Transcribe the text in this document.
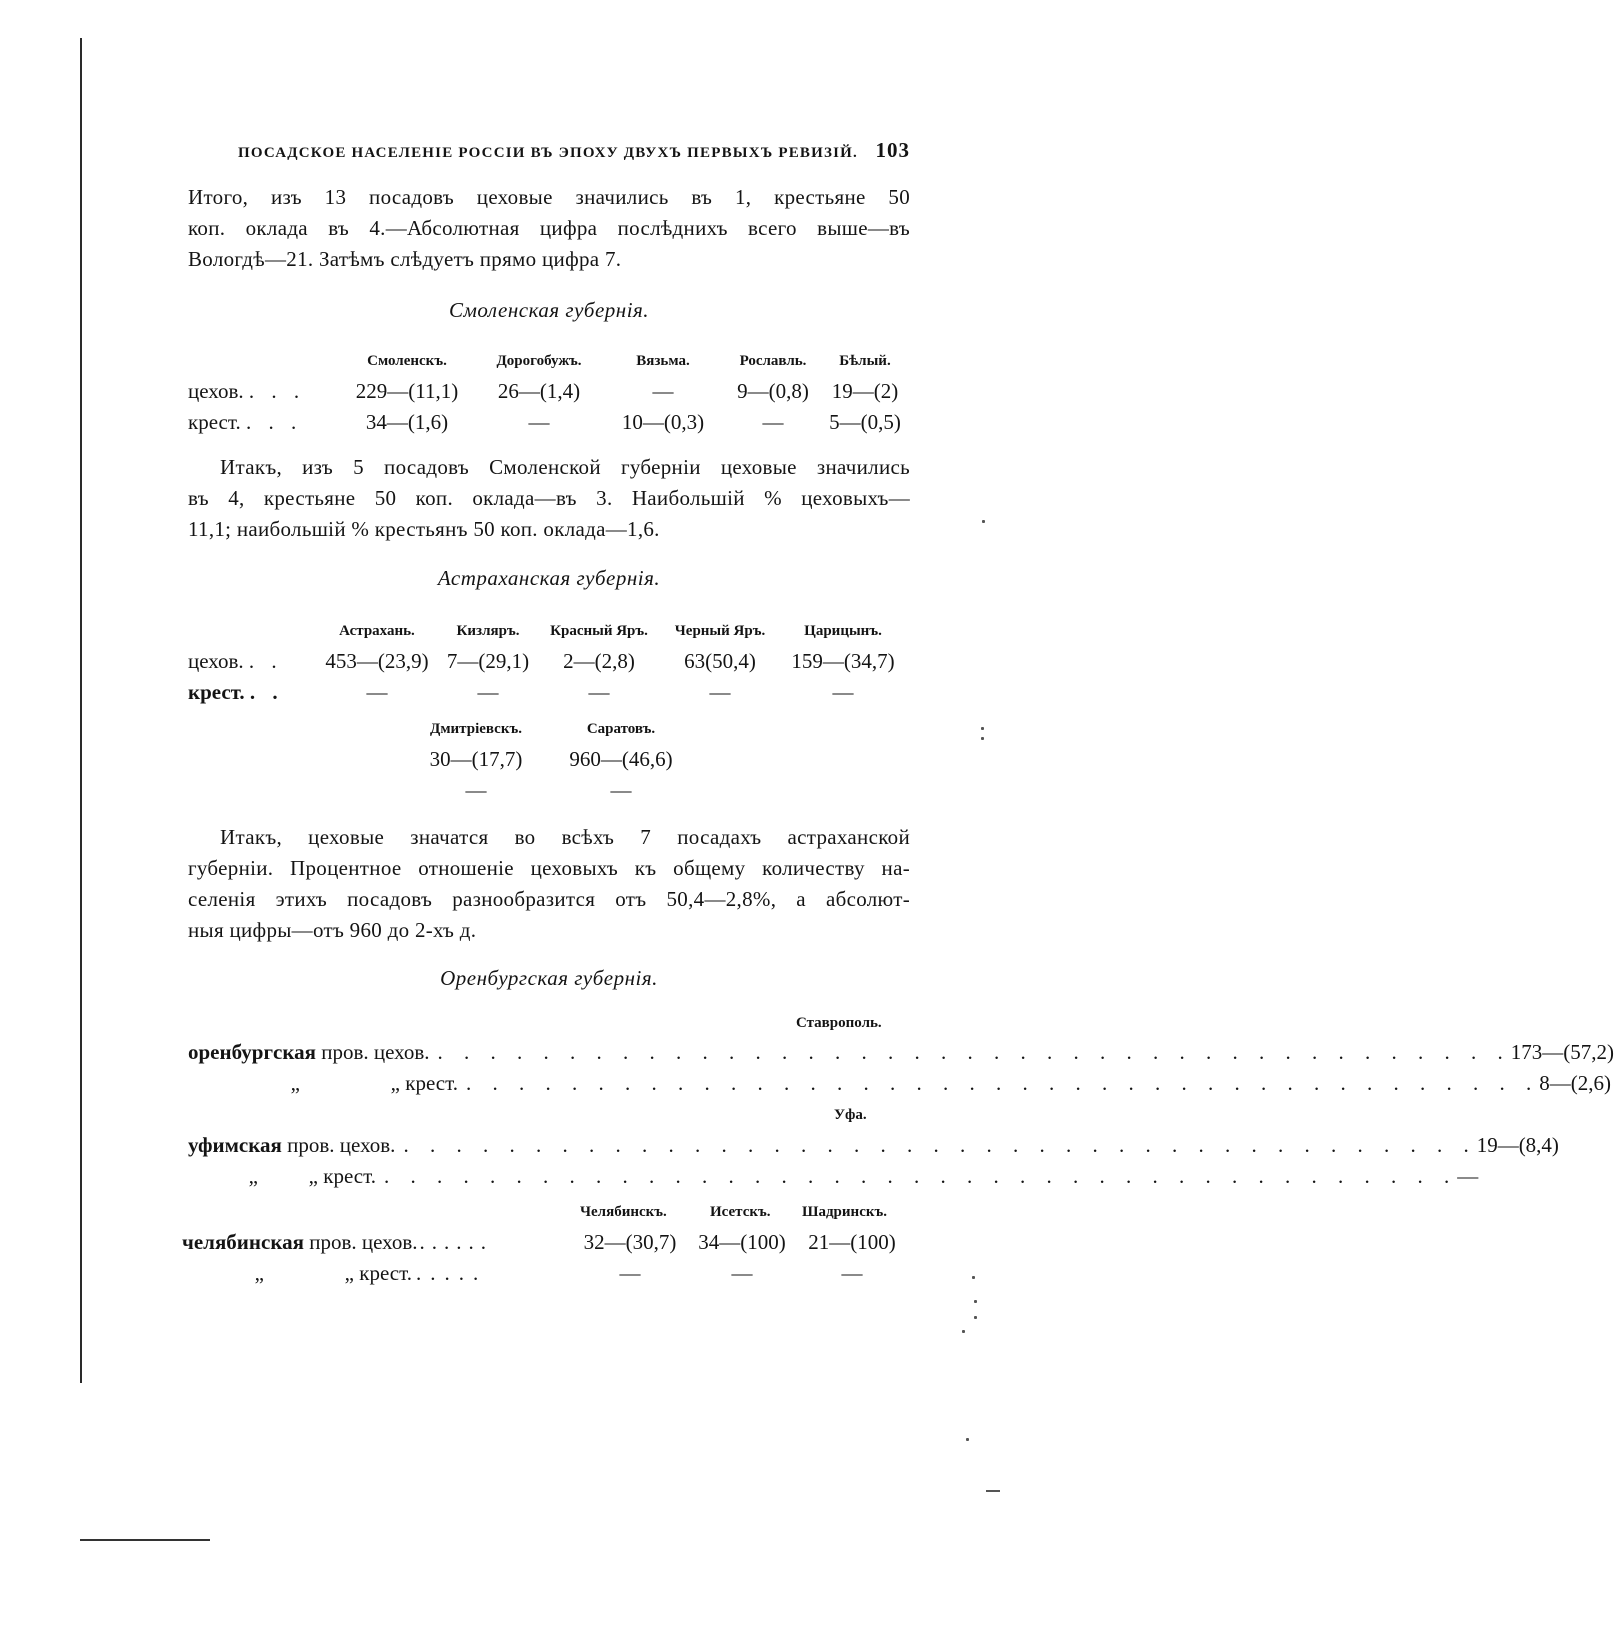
ПОСАДСКОЕ НАСЕЛЕНІЕ РОССІИ ВЪ ЭПОХУ ДВУХЪ ПЕРВЫХЪ РЕВИЗІЙ. 103
Итого, изъ 13 посадовъ цеховые значились въ 1, крестьяне 50
коп. оклада въ 4.—Абсолютная цифра послѣднихъ всего выше—въ
Вологдѣ—21. Затѣмъ слѣдуетъ прямо цифра 7.
Смоленская губернія.
	Смоленскъ.	Дорогобужъ.	Вязьма.	Рославль.	Бѣлый.
цехов. . . .	229—(11,1)	26—(1,4)	—	9—(0,8)	19—(2)
крест. . . .	34—(1,6)	—	10—(0,3)	—	5—(0,5)
Итакъ, изъ 5 посадовъ Смоленской губерніи цеховые значились
въ 4, крестьяне 50 коп. оклада—въ 3. Наибольшій % цеховыхъ—
11,1; наибольшій % крестьянъ 50 коп. оклада—1,6.
Астраханская губернія.
	Астрахань.	Кизляръ.	Красный Яръ.	Черный Яръ.	Царицынъ.
цехов. . .	453—(23,9)	7—(29,1)	2—(2,8)	63(50,4)	159—(34,7)
крест. . .	—	—	—	—	—
Дмитріевскъ.	Саратовъ.
30—(17,7)	960—(46,6)
—	—
Итакъ, цеховые значатся во всѣхъ 7 посадахъ астраханской
губерніи. Процентное отношеніе цеховыхъ къ общему количеству на-
селенія этихъ посадовъ разнообразится отъ 50,4—2,8%, а абсолют-
ныя цифры—отъ 960 до 2-хъ д.
Оренбургская губернія.
Ставрополь.
оренбургская пров. цехов. . . . . . . . . . . . . . . . . . . . . . . . . . . . . . . . . . . . . . . . . . 173—(57,2)
„	„ крест. . . . . . . . . . . . . . . . . . . . . . . . . . . . . . . . . . . . . . . . . . 8—(2,6)
Уфа.
уфимская пров. цехов. . . . . . . . . . . . . . . . . . . . . . . . . . . . . . . . . . . . . . . . . . 19—(8,4)
„ „ крест. . . . . . . . . . . . . . . . . . . . . . . . . . . . . . . . . . . . . . . . . . —
Челябинскъ.	Исетскъ. Шадринскъ.
челябинская пров. цехов.......	32—(30,7)	34—(100)	21—(100)
„	„ крест. .....	—	—	—
